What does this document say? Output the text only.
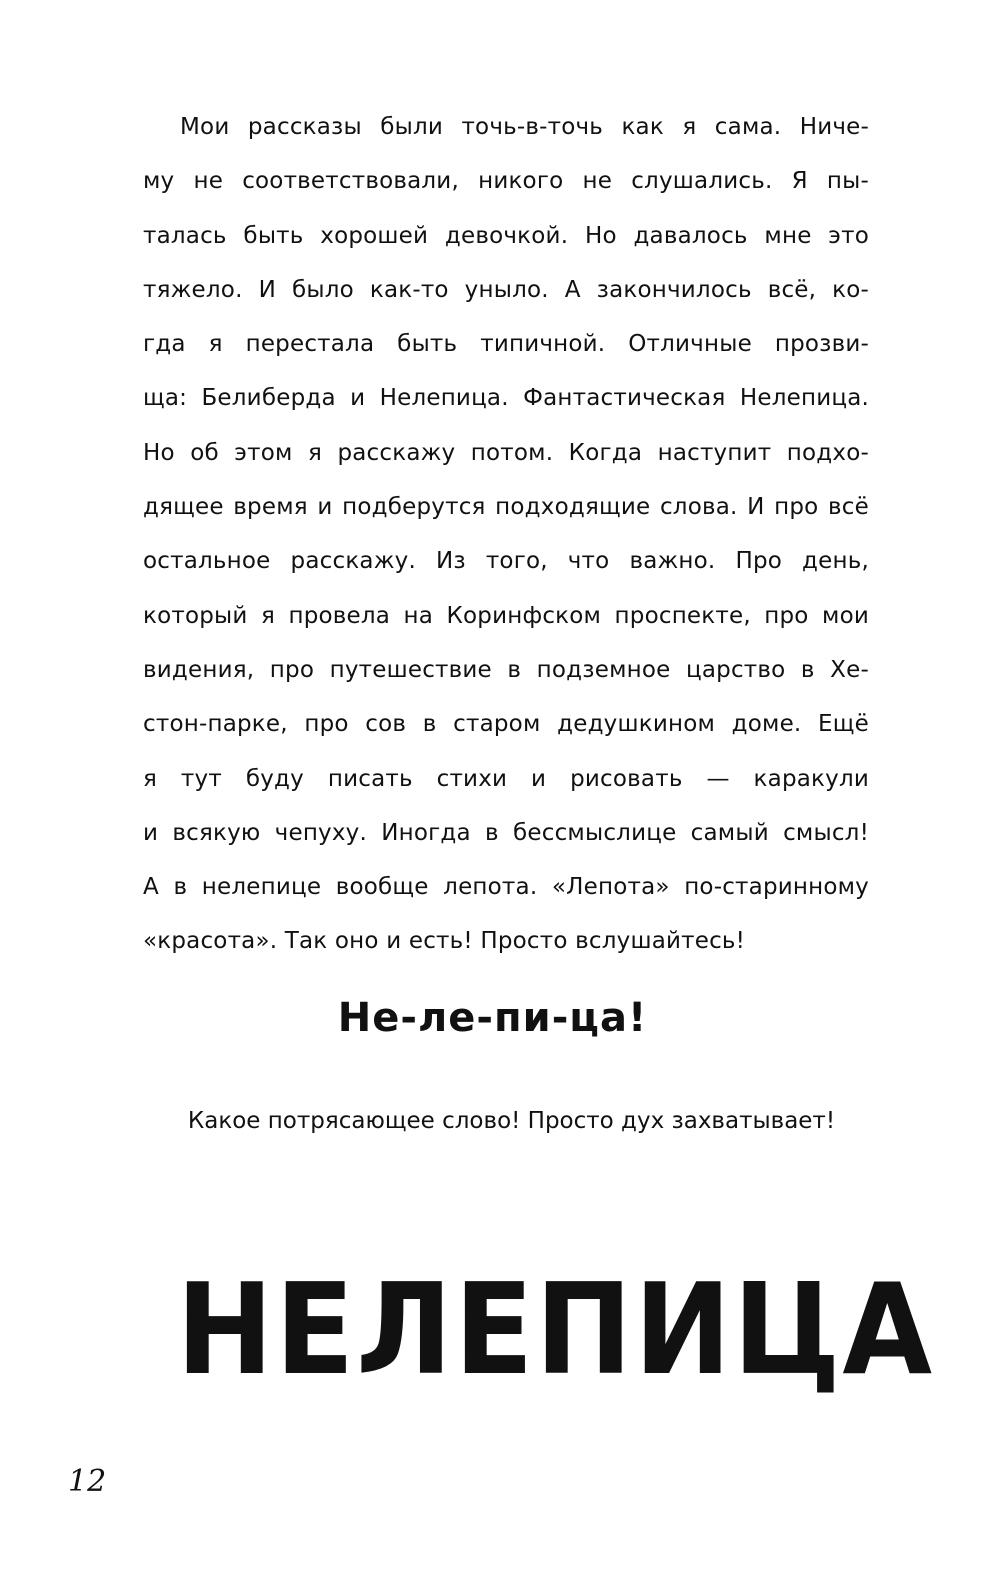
Мои рассказы были точь-в-точь как я сама. Ниче-
му не соответствовали, никого не слушались. Я пы-
талась быть хорошей девочкой. Но давалось мне это
тяжело. И было как-то уныло. А закончилось всё, ко-
гда я перестала быть типичной. Отличные прозви-
ща: Белиберда и Нелепица. Фантастическая Нелепица.
Но об этом я расскажу потом. Когда наступит подхо-
дящее время и подберутся подходящие слова. И про всё
остальное расскажу. Из того, что важно. Про день,
который я провела на Коринфском проспекте, про мои
видения, про путешествие в подземное царство в Хе-
стон-парке, про сов в старом дедушкином доме. Ещё
я тут буду писать стихи и рисовать — каракули
и всякую чепуху. Иногда в бессмыслице самый смысл!
А в нелепице вообще лепота. «Лепота» по-старинному
«красота». Так оно и есть! Просто вслушайтесь!

Не-ле-пи-ца!

Какое потрясающее слово! Просто дух захватывает!

НЕЛЕПИЦА

12
